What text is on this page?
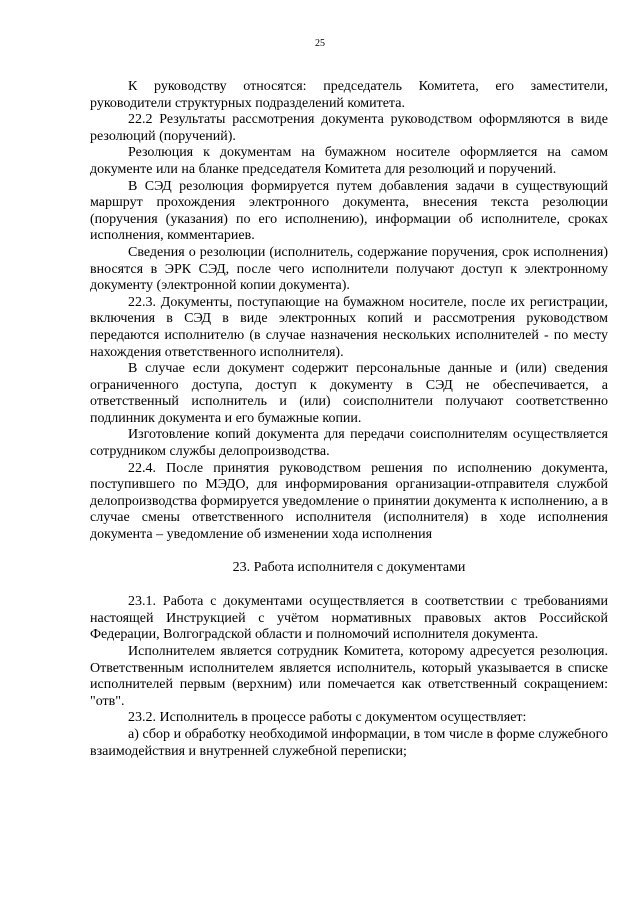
25

К руководству относятся: председатель Комитета, его заместители, руководители структурных подразделений комитета.

22.2 Результаты рассмотрения документа руководством оформляются в виде резолюций (поручений).

Резолюция к документам на бумажном носителе оформляется на самом документе или на бланке председателя Комитета для резолюций и поручений.

В СЭД резолюция формируется путем добавления задачи в существующий маршрут прохождения электронного документа, внесения текста резолюции (поручения (указания) по его исполнению), информации об исполнителе, сроках исполнения, комментариев.

Сведения о резолюции (исполнитель, содержание поручения, срок исполнения) вносятся в ЭРК СЭД, после чего исполнители получают доступ к электронному документу (электронной копии документа).

22.3. Документы, поступающие на бумажном носителе, после их регистрации, включения в СЭД в виде электронных копий и рассмотрения руководством передаются исполнителю (в случае назначения нескольких исполнителей - по месту нахождения ответственного исполнителя).

В случае если документ содержит персональные данные и (или) сведения ограниченного доступа, доступ к документу в СЭД не обеспечивается, а ответственный исполнитель и (или) соисполнители получают соответственно подлинник документа и его бумажные копии.

Изготовление копий документа для передачи соисполнителям осуществляется сотрудником службы делопроизводства.

22.4. После принятия руководством решения по исполнению документа, поступившего по МЭДО, для информирования организации-отправителя службой делопроизводства формируется уведомление о принятии документа к исполнению, а в случае смены ответственного исполнителя (исполнителя) в ходе исполнения документа – уведомление об изменении хода исполнения

23. Работа исполнителя с документами

23.1. Работа с документами осуществляется в соответствии с требованиями настоящей Инструкцией с учётом нормативных правовых актов Российской Федерации, Волгоградской области и полномочий исполнителя документа.

Исполнителем является сотрудник Комитета, которому адресуется резолюция. Ответственным исполнителем является исполнитель, который указывается в списке исполнителей первым (верхним) или помечается как ответственный сокращением: "отв".

23.2. Исполнитель в процессе работы с документом осуществляет:

а) сбор и обработку необходимой информации, в том числе в форме служебного взаимодействия и внутренней служебной переписки;
